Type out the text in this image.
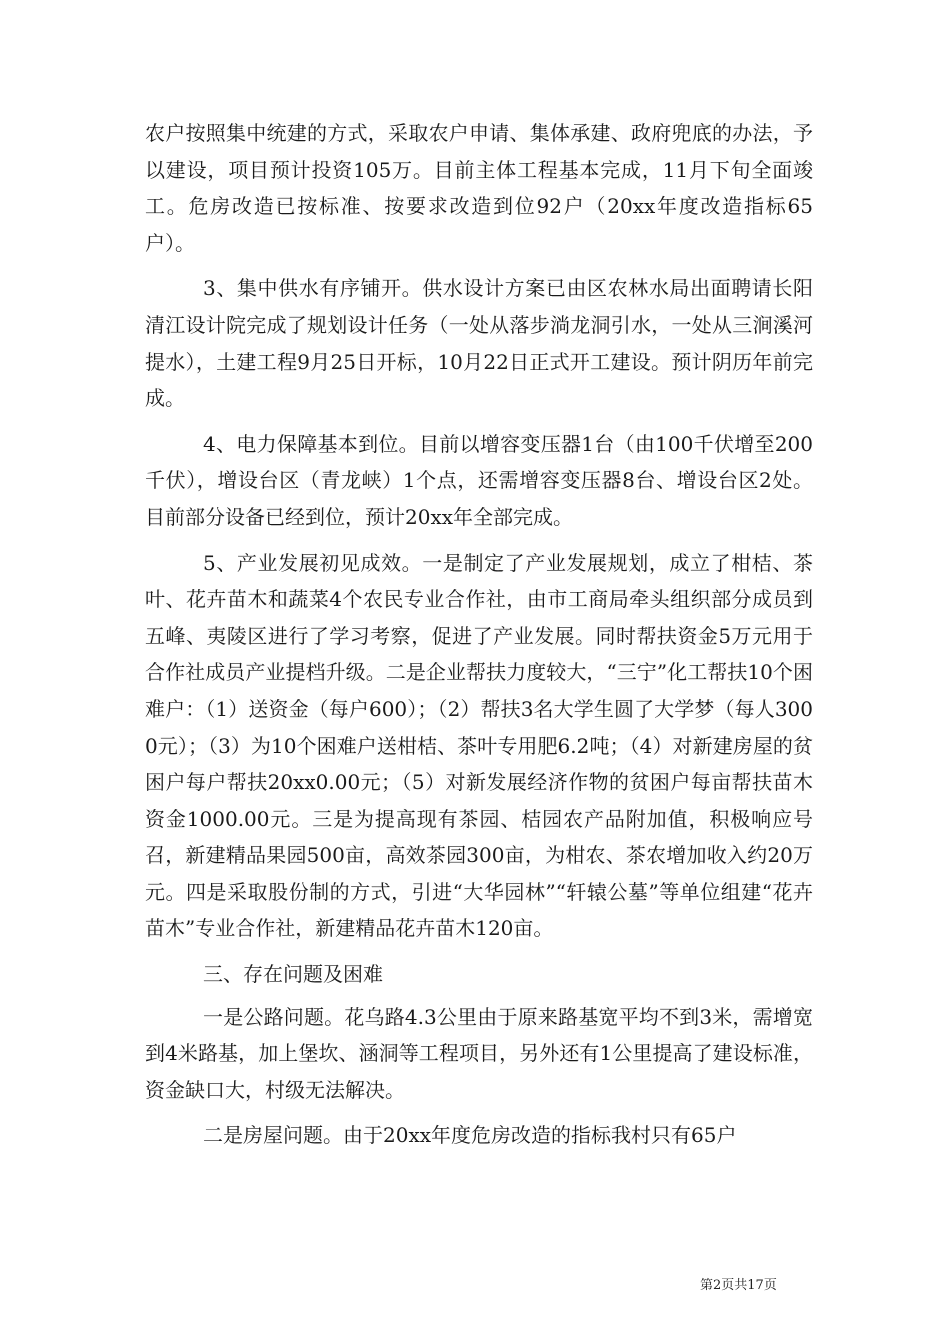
农户按照集中统建的方式，采取农户申请、集体承建、政府兜底的办法，予以建设，项目预计投资105万。目前主体工程基本完成，11月下旬全面竣工。危房改造已按标准、按要求改造到位92户（20xx年度改造指标65户）。

3、集中供水有序铺开。供水设计方案已由区农林水局出面聘请长阳清江设计院完成了规划设计任务（一处从落步淌龙洞引水，一处从三涧溪河提水），土建工程9月25日开标，10月22日正式开工建设。预计阴历年前完成。

4、电力保障基本到位。目前以增容变压器1台（由100千伏增至200千伏），增设台区（青龙峡）1个点，还需增容变压器8台、增设台区2处。目前部分设备已经到位，预计20xx年全部完成。

5、产业发展初见成效。一是制定了产业发展规划，成立了柑桔、茶叶、花卉苗木和蔬菜4个农民专业合作社，由市工商局牵头组织部分成员到五峰、夷陵区进行了学习考察，促进了产业发展。同时帮扶资金5万元用于合作社成员产业提档升级。二是企业帮扶力度较大，“三宁”化工帮扶10个困难户：（1）送资金（每户600）；（2）帮扶3名大学生圆了大学梦（每人3000元）；（3）为10个困难户送柑桔、茶叶专用肥6.2吨；（4）对新建房屋的贫困户每户帮扶20xx0.00元；（5）对新发展经济作物的贫困户每亩帮扶苗木资金1000.00元。三是为提高现有茶园、桔园农产品附加值，积极响应号召，新建精品果园500亩，高效茶园300亩，为柑农、茶农增加收入约20万元。四是采取股份制的方式，引进“大华园林”“轩辕公墓”等单位组建“花卉苗木”专业合作社，新建精品花卉苗木120亩。

三、存在问题及困难

一是公路问题。花乌路4.3公里由于原来路基宽平均不到3米，需增宽到4米路基，加上堡坎、涵洞等工程项目，另外还有1公里提高了建设标准，资金缺口大，村级无法解决。

二是房屋问题。由于20xx年度危房改造的指标我村只有65户

第2页共17页
